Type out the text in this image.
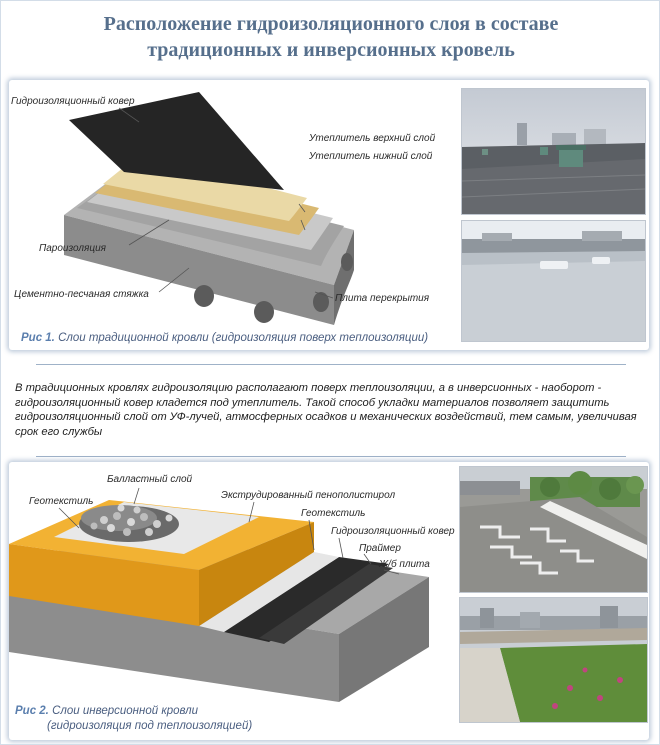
Расположение гидроизоляционного слоя в составе
традиционных и инверсионных кровель
Гидроизоляционный ковер
Утеплитель верхний слой
Утеплитель нижний слой
Пароизоляция
Цементно-песчаная стяжка	Плита перекрытия
Рис 1. Слои традиционной кровли (гидроизоляция поверх теплоизоляции)
В традиционных кровлях гидроизоляцию располагают поверх теплоизоляции, а в инверсионных - наоборот - гидроизоляционный ковер кладется под утеплитель. Такой способ укладки материалов позволяет защитить гидроизоляционный слой от УФ-лучей, атмосферных осадков и механических воздействий, тем самым, увеличивая срок его службы
Балластный слой
Геотекстиль
Экструдированный пенополистирол
Геотекстиль
Гидроизоляционный ковер
Праймер
Ж/б плита
Рис 2. Слои инверсионной кровли
(гидроизоляция под теплоизоляцией)
